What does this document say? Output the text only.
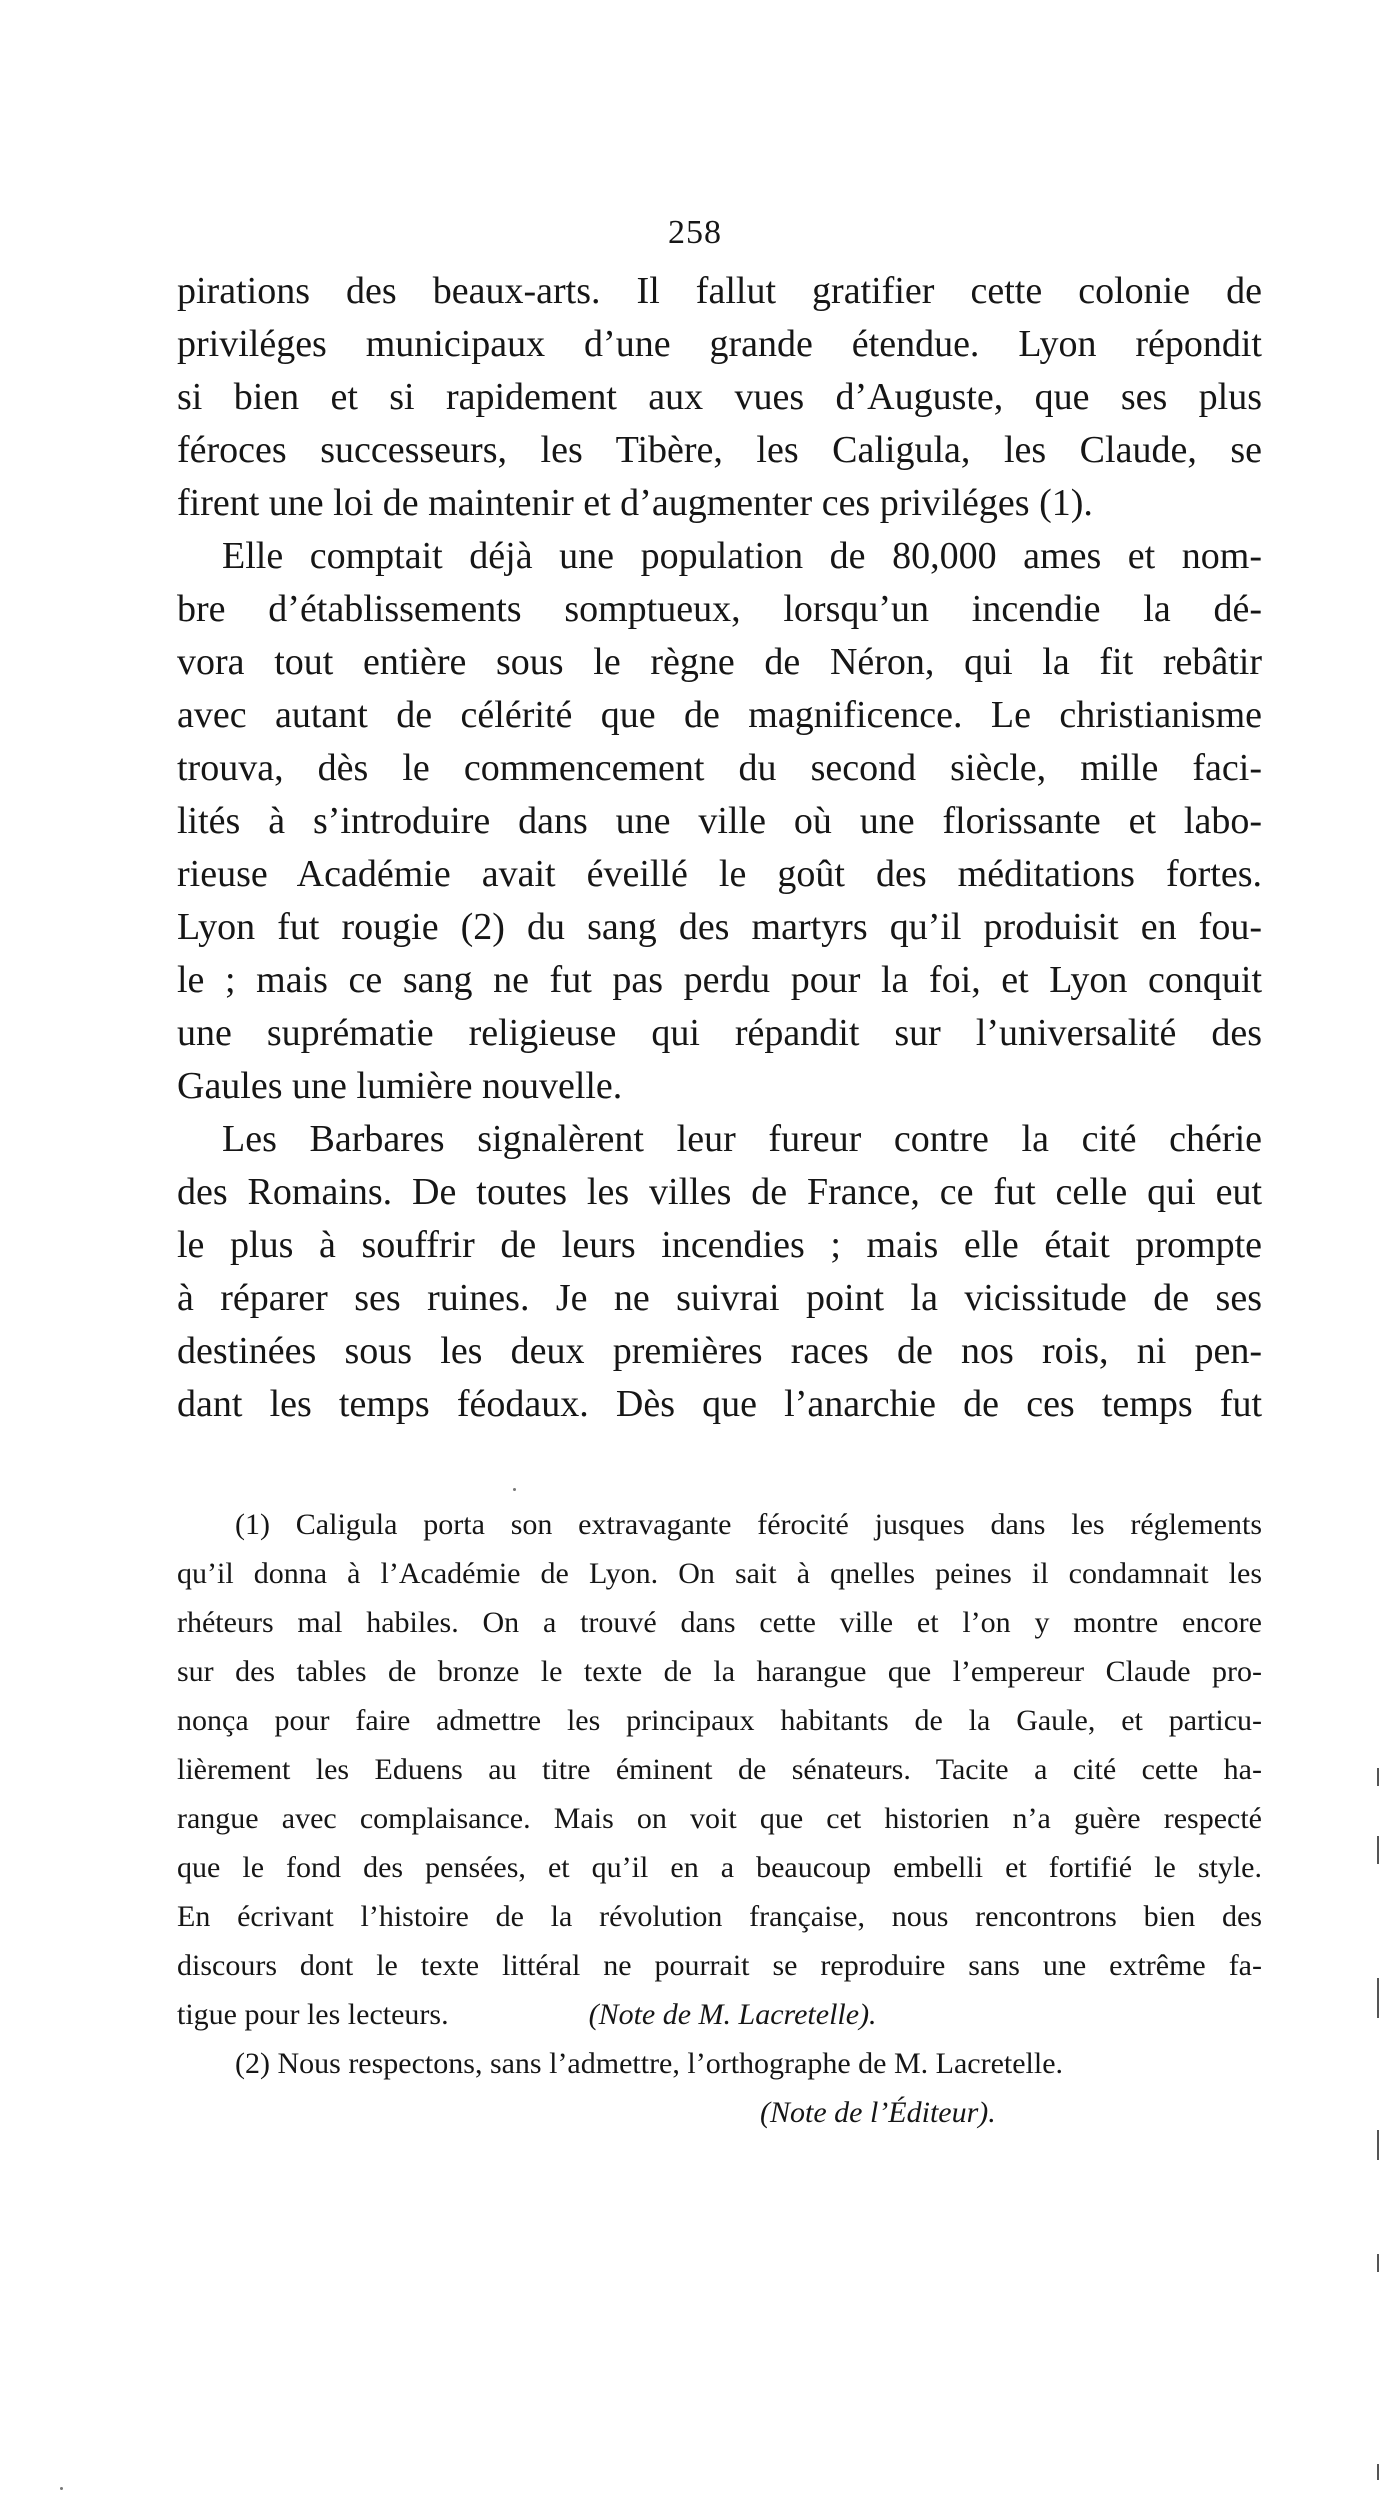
258
pirations des beaux-arts. Il fallut gratifier cette colonie de
priviléges municipaux d’une grande étendue. Lyon répondit
si bien et si rapidement aux vues d’Auguste, que ses plus
féroces successeurs, les Tibère, les Caligula, les Claude, se
firent une loi de maintenir et d’augmenter ces priviléges (1).
Elle comptait déjà une population de 80,000 ames et nom-
bre d’établissements somptueux, lorsqu’un incendie la dé-
vora tout entière sous le règne de Néron, qui la fit rebâtir
avec autant de célérité que de magnificence. Le christianisme
trouva, dès le commencement du second siècle, mille faci-
lités à s’introduire dans une ville où une florissante et labo-
rieuse Académie avait éveillé le goût des méditations fortes.
Lyon fut rougie (2) du sang des martyrs qu’il produisit en fou-
le ; mais ce sang ne fut pas perdu pour la foi, et Lyon conquit
une suprématie religieuse qui répandit sur l’universalité des
Gaules une lumière nouvelle.
Les Barbares signalèrent leur fureur contre la cité chérie
des Romains. De toutes les villes de France, ce fut celle qui eut
le plus à souffrir de leurs incendies ; mais elle était prompte
à réparer ses ruines. Je ne suivrai point la vicissitude de ses
destinées sous les deux premières races de nos rois, ni pen-
dant les temps féodaux. Dès que l’anarchie de ces temps fut
(1) Caligula porta son extravagante férocité jusques dans les réglements
qu’il donna à l’Académie de Lyon. On sait à qnelles peines il condamnait les
rhéteurs mal habiles. On a trouvé dans cette ville et l’on y montre encore
sur des tables de bronze le texte de la harangue que l’empereur Claude pro-
nonça pour faire admettre les principaux habitants de la Gaule, et particu-
lièrement les Eduens au titre éminent de sénateurs. Tacite a cité cette ha-
rangue avec complaisance. Mais on voit que cet historien n’a guère respecté
que le fond des pensées, et qu’il en a beaucoup embelli et fortifié le style.
En écrivant l’histoire de la révolution française, nous rencontrons bien des
discours dont le texte littéral ne pourrait se reproduire sans une extrême fa-
tigue pour les lecteurs.	(Note de M. Lacretelle).
(2) Nous respectons, sans l’admettre, l’orthographe de M. Lacretelle.
(Note de l’Éditeur).
